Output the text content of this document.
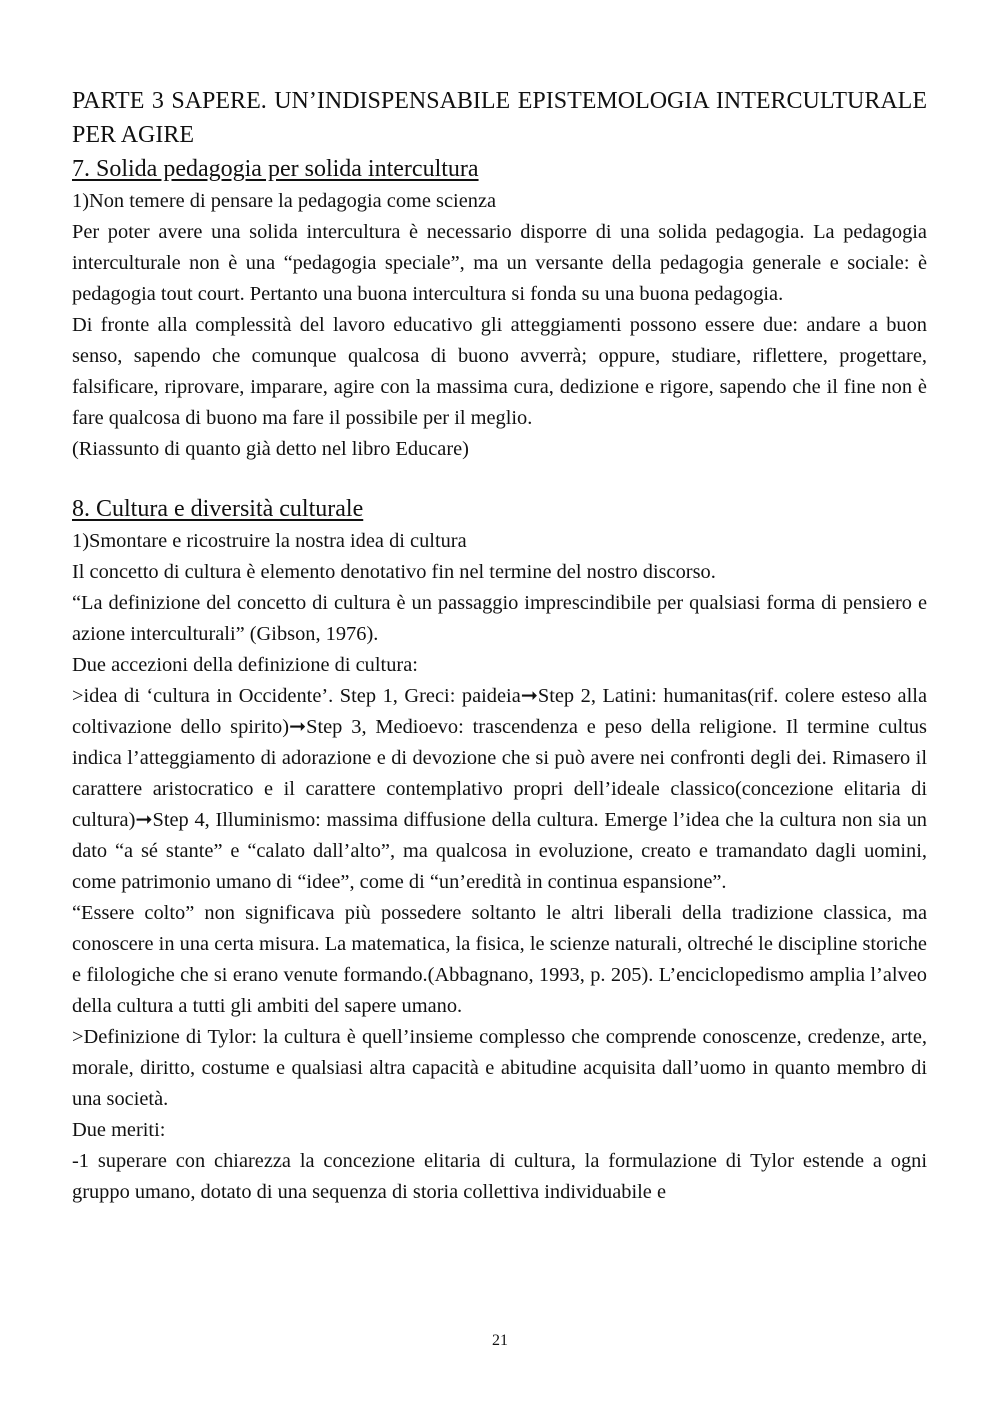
PARTE 3 SAPERE. UN’INDISPENSABILE EPISTEMOLOGIA INTERCULTURALE PER AGIRE
7. Solida pedagogia per solida intercultura

1)Non temere di pensare la pedagogia come scienza

Per poter avere una solida intercultura è necessario disporre di una solida pedagogia. La pedagogia interculturale non è una “pedagogia speciale”, ma un versante della pedagogia generale e sociale: è pedagogia tout court. Pertanto una buona intercultura si fonda su una buona pedagogia.

Di fronte alla complessità del lavoro educativo gli atteggiamenti possono essere due: andare a buon senso, sapendo che comunque qualcosa di buono avverrà; oppure, studiare, riflettere, progettare, falsificare, riprovare, imparare, agire con la massima cura, dedizione e rigore, sapendo che il fine non è fare qualcosa di buono ma fare il possibile per il meglio.

(Riassunto di quanto già detto nel libro Educare)

8. Cultura e diversità culturale

1)Smontare e ricostruire la nostra idea di cultura

Il concetto di cultura è elemento denotativo fin nel termine del nostro discorso.

“La definizione del concetto di cultura è un passaggio imprescindibile per qualsiasi forma di pensiero e azione interculturali” (Gibson, 1976).

Due accezioni della definizione di cultura:

>idea di ‘cultura in Occidente’. Step 1, Greci: paideia➞Step 2, Latini: humanitas(rif. colere esteso alla coltivazione dello spirito)➞Step 3, Medioevo: trascendenza e peso della religione. Il termine cultus indica l’atteggiamento di adorazione e di devozione che si può avere nei confronti degli dei. Rimasero il carattere aristocratico e il carattere contemplativo propri dell’ideale classico(concezione elitaria di cultura)➞Step 4, Illuminismo: massima diffusione della cultura. Emerge l’idea che la cultura non sia un dato “a sé stante” e “calato dall’alto”, ma qualcosa in evoluzione, creato e tramandato dagli uomini, come patrimonio umano di “idee”, come di “un’eredità in continua espansione”.

“Essere colto” non significava più possedere soltanto le altri liberali della tradizione classica, ma conoscere in una certa misura. La matematica, la fisica, le scienze naturali, oltreché le discipline storiche e filologiche che si erano venute formando.(Abbagnano, 1993, p. 205). L’enciclopedismo amplia l’alveo della cultura a tutti gli ambiti del sapere umano.

>Definizione di Tylor: la cultura è quell’insieme complesso che comprende conoscenze, credenze, arte, morale, diritto, costume e qualsiasi altra capacità e abitudine acquisita dall’uomo in quanto membro di una società.

Due meriti:

-1 superare con chiarezza la concezione elitaria di cultura, la formulazione di Tylor estende a ogni gruppo umano, dotato di una sequenza di storia collettiva individuabile e

21
